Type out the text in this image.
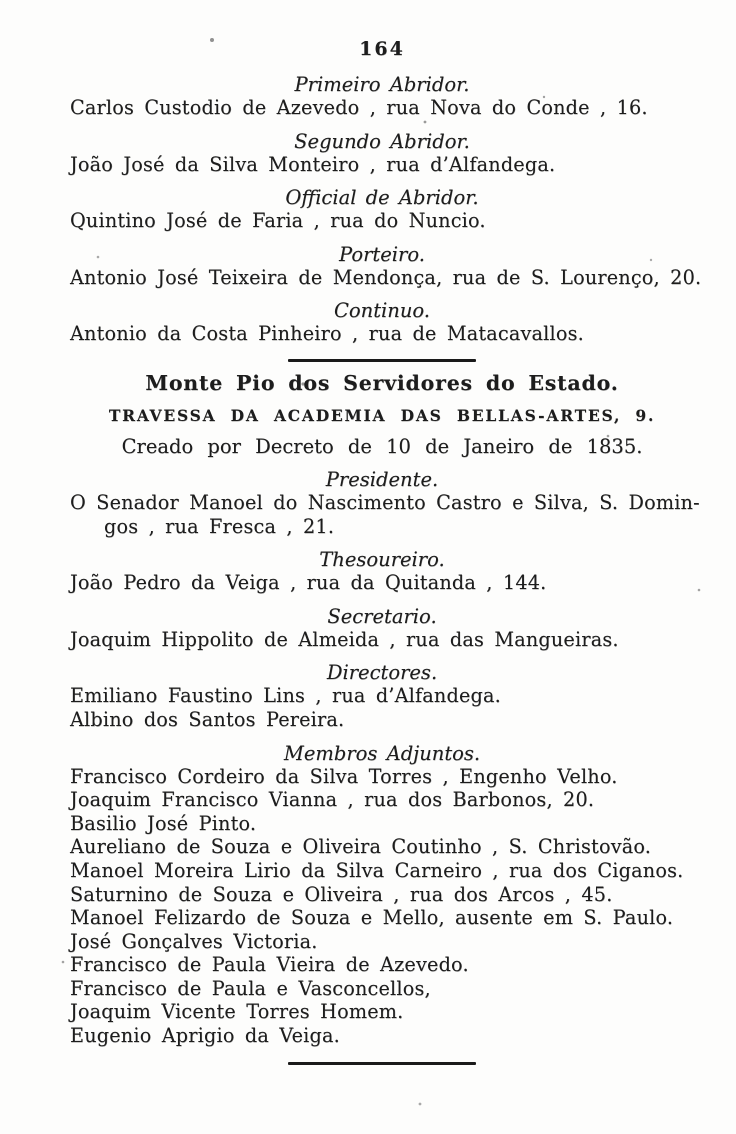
164
Primeiro Abridor.
Carlos Custodio de Azevedo , rua Nova do Conde , 16.
Segundo Abridor.
João José da Silva Monteiro , rua d’Alfandega.
Official de Abridor.
Quintino José de Faria , rua do Nuncio.
Porteiro.
Antonio José Teixeira de Mendonça, rua de S. Lourenço, 20.
Continuo.
Antonio da Costa Pinheiro , rua de Matacavallos.
Monte Pio dos Servidores do Estado.
TRAVESSA DA ACADEMIA DAS BELLAS-ARTES, 9.
Creado por Decreto de 10 de Janeiro de 1835.
Presidente.
O Senador Manoel do Nascimento Castro e Silva, S. Domin-
gos , rua Fresca , 21.
Thesoureiro.
João Pedro da Veiga , rua da Quitanda , 144.
Secretario.
Joaquim Hippolito de Almeida , rua das Mangueiras.
Directores.
Emiliano Faustino Lins , rua d’Alfandega.
Albino dos Santos Pereira.
Membros Adjuntos.
Francisco Cordeiro da Silva Torres , Engenho Velho.
Joaquim Francisco Vianna , rua dos Barbonos, 20.
Basilio José Pinto.
Aureliano de Souza e Oliveira Coutinho , S. Christovão.
Manoel Moreira Lirio da Silva Carneiro , rua dos Ciganos.
Saturnino de Souza e Oliveira , rua dos Arcos , 45.
Manoel Felizardo de Souza e Mello, ausente em S. Paulo.
José Gonçalves Victoria.
Francisco de Paula Vieira de Azevedo.
Francisco de Paula e Vasconcellos,
Joaquim Vicente Torres Homem.
Eugenio Aprigio da Veiga.
